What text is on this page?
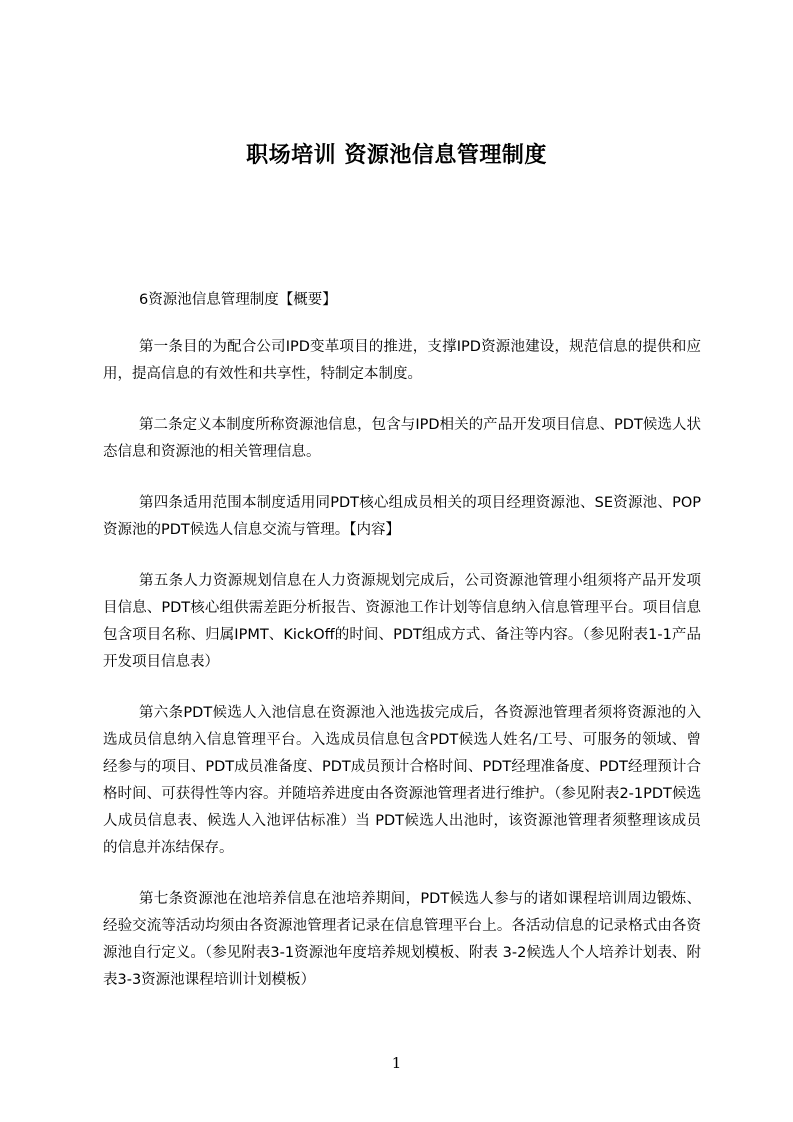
职场培训 资源池信息管理制度

6资源池信息管理制度【概要】

第一条目的为配合公司IPD变革项目的推进，支撑IPD资源池建设，规范信息的提供和应用，提高信息的有效性和共享性，特制定本制度。

第二条定义本制度所称资源池信息，包含与IPD相关的产品开发项目信息、PDT候选人状态信息和资源池的相关管理信息。

第四条适用范围本制度适用同PDT核心组成员相关的项目经理资源池、SE资源池、POP资源池的PDT候选人信息交流与管理。【内容】

第五条人力资源规划信息在人力资源规划完成后，公司资源池管理小组须将产品开发项目信息、PDT核心组供需差距分析报告、资源池工作计划等信息纳入信息管理平台。项目信息包含项目名称、归属IPMT、KickOff的时间、PDT组成方式、备注等内容。（参见附表1-1产品开发项目信息表）

第六条PDT候选人入池信息在资源池入池选拔完成后，各资源池管理者须将资源池的入选成员信息纳入信息管理平台。入选成员信息包含PDT候选人姓名/工号、可服务的领域、曾经参与的项目、PDT成员准备度、PDT成员预计合格时间、PDT经理准备度、PDT经理预计合格时间、可获得性等内容。并随培养进度由各资源池管理者进行维护。（参见附表2-1PDT候选人成员信息表、候选人入池评估标准）当 PDT候选人出池时，该资源池管理者须整理该成员的信息并冻结保存。

第七条资源池在池培养信息在池培养期间，PDT候选人参与的诸如课程培训周边锻炼、经验交流等活动均须由各资源池管理者记录在信息管理平台上。各活动信息的记录格式由各资源池自行定义。（参见附表3-1资源池年度培养规划模板、附表 3-2候选人个人培养计划表、附表3-3资源池课程培训计划模板）

1
